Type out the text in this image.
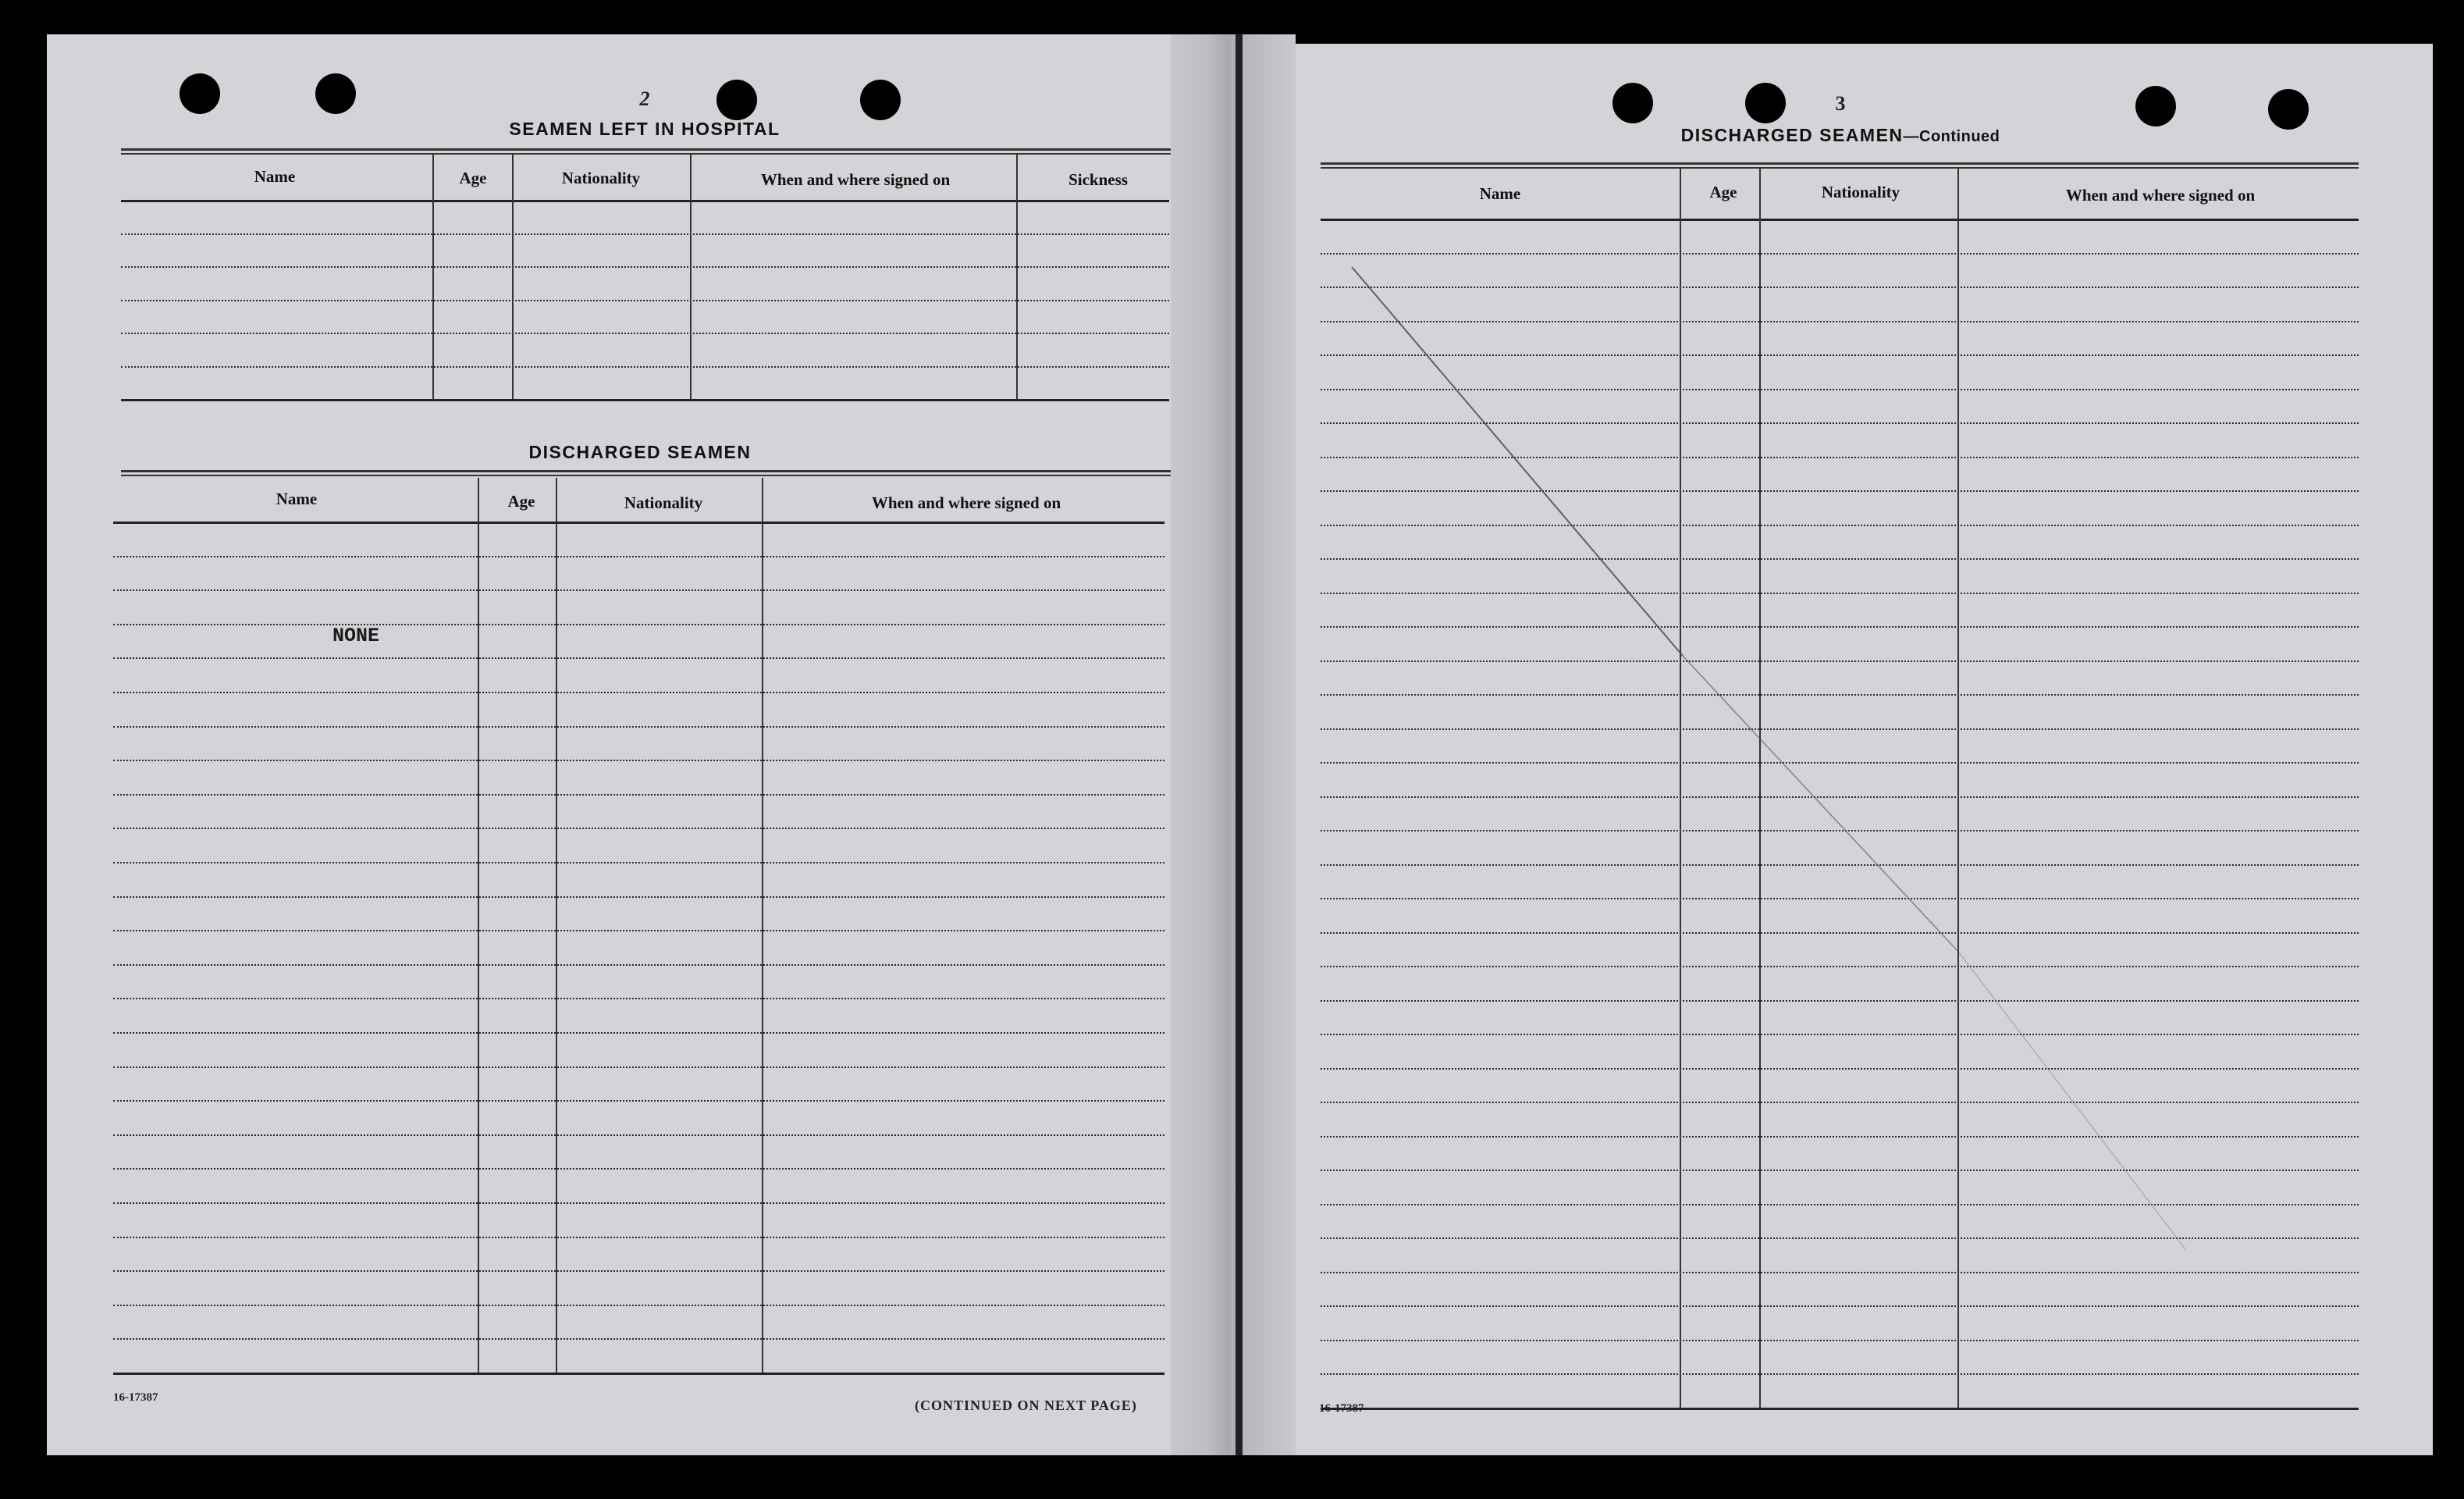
2
SEAMEN LEFT IN HOSPITAL
Name	Age	Nationality	When and where signed on	Sickness
DISCHARGED SEAMEN
Name	Age	Nationality	When and where signed on
NONE
16-17387	(CONTINUED ON NEXT PAGE)
3
DISCHARGED SEAMEN—Continued
Name	Age	Nationality	When and where signed on
16-17387
